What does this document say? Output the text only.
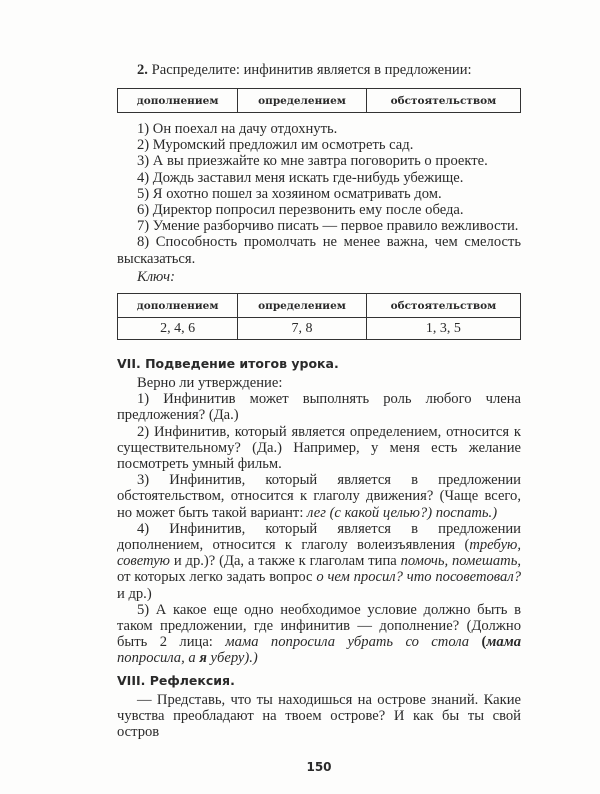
2. Распределите: инфинитив является в предложении:
дополнением	определением	обстоятельством

1) Он поехал на дачу отдохнуть.

2) Муромский предложил им осмотреть сад.

3) А вы приезжайте ко мне завтра поговорить о проекте.

4) Дождь заставил меня искать где-нибудь убежище.

5) Я охотно пошел за хозяином осматривать дом.

6) Директор попросил перезвонить ему после обеда.

7) Умение разборчиво писать — первое правило вежливости.

8) Способность промолчать не менее важна, чем смелость высказаться.

Ключ:

дополнением	определением	обстоятельством
2, 4, 6	7, 8	1, 3, 5
VII. Подведение итогов урока.

Верно ли утверждение:

1) Инфинитив может выполнять роль любого члена предложения? (Да.)

2) Инфинитив, который является определением, относится к существительному? (Да.) Например, у меня есть желание посмотреть умный фильм.

3) Инфинитив, который является в предложении обстоятельством, относится к глаголу движения? (Чаще всего, но может быть такой вариант: лег (с какой целью?) поспать.)

4) Инфинитив, который является в предложении дополнением, относится к глаголу волеизъявления (требую, советую и др.)? (Да, а также к глаголам типа помочь, помешать, от которых легко задать вопрос о чем просил? что посоветовал? и др.)

5) А какое еще одно необходимое условие должно быть в таком предложении, где инфинитив — дополнение? (Должно быть 2 лица: мама попросила убрать со стола (мама попросила, а я уберу).)

VIII. Рефлексия.

— Представь, что ты находишься на острове знаний. Какие чувства преобладают на твоем острове? И как бы ты свой остров

150
